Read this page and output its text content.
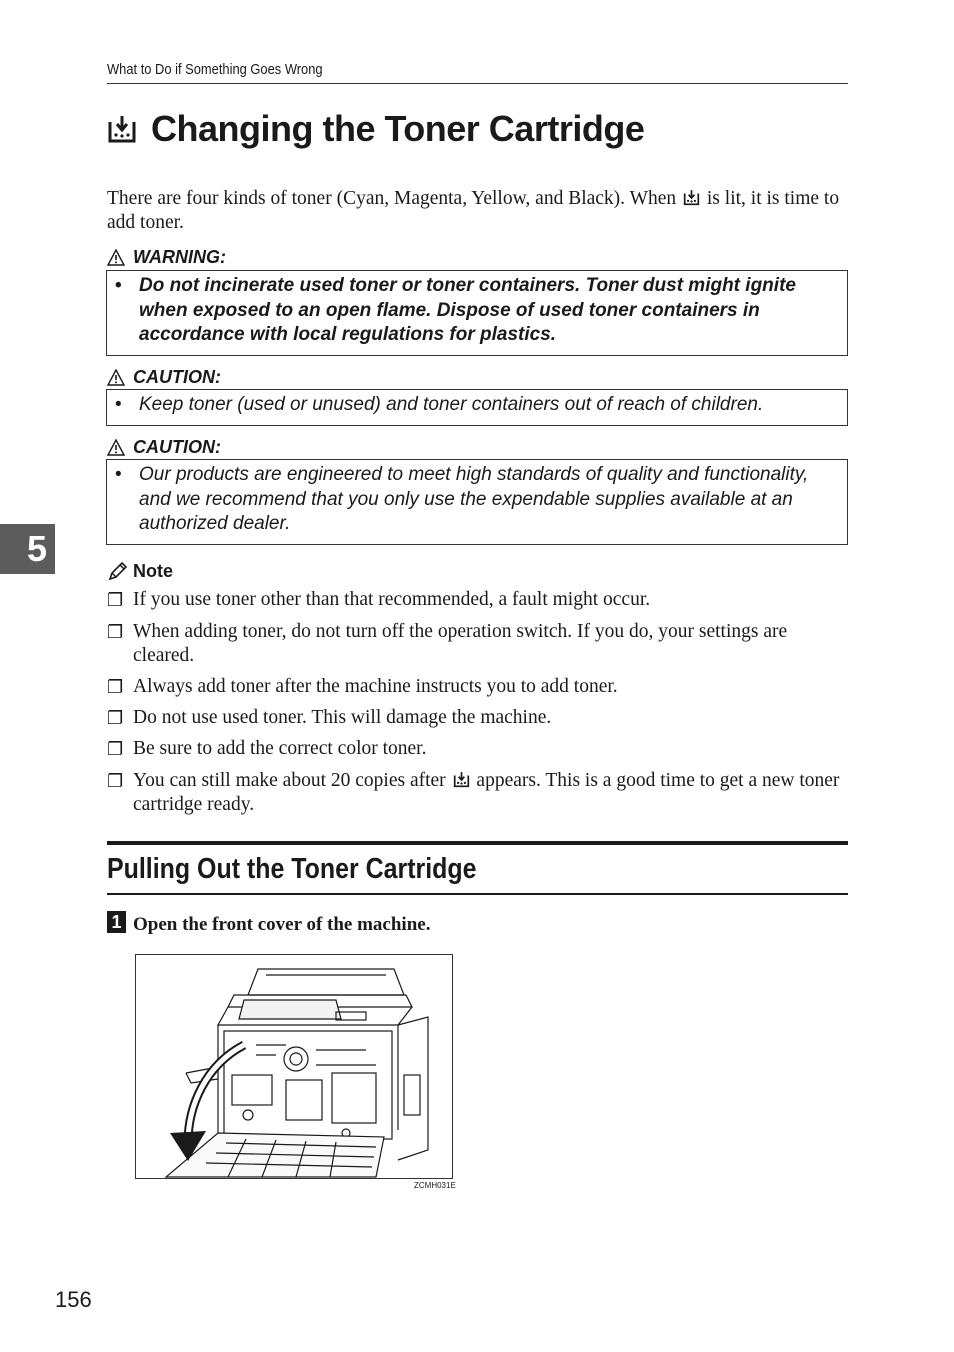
What to Do if Something Goes Wrong
Changing the Toner Cartridge
There are four kinds of toner (Cyan, Magenta, Yellow, and Black). When  is lit, it is time to add toner.
WARNING:
• Do not incinerate used toner or toner containers. Toner dust might ignite when exposed to an open flame. Dispose of used toner containers in accordance with local regulations for plastics.
CAUTION:
• Keep toner (used or unused) and toner containers out of reach of children.
CAUTION:
• Our products are engineered to meet high standards of quality and functionality, and we recommend that you only use the expendable supplies available at an authorized dealer.
5
Note
❐ If you use toner other than that recommended, a fault might occur.
❐ When adding toner, do not turn off the operation switch. If you do, your settings are cleared.
❐ Always add toner after the machine instructs you to add toner.
❐ Do not use used toner. This will damage the machine.
❐ Be sure to add the correct color toner.
❐ You can still make about 20 copies after  appears. This is a good time to get a new toner cartridge ready.
Pulling Out the Toner Cartridge
1 Open the front cover of the machine.
ZCMH031E
156
